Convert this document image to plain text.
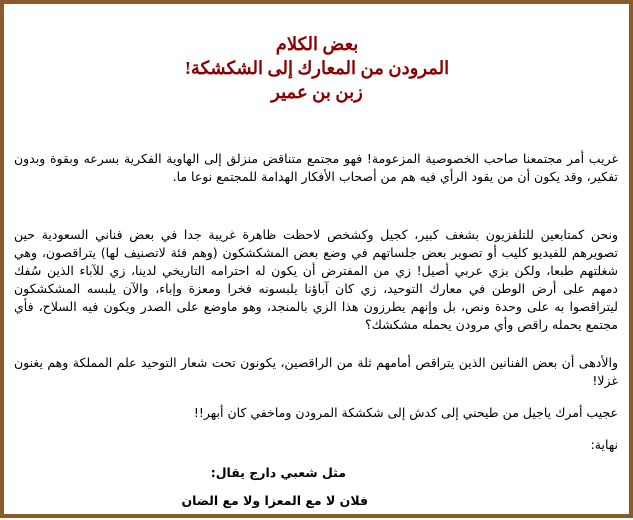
بعض الكلام
المرودن من المعارك إلى الشكشكة!
زبن بن عمير
غريب أمر مجتمعنا صاحب الخصوصية المزعومة! فهو مجتمع متناقض منزلق إلى الهاوية الفكرية بسرعه وبقوة وبدون تفكير، وقد يكون أن من يقود الرأي فيه هم من أصحاب الأفكار الهدامة للمجتمع نوعا ما.
ونحن كمتابعين للتلفزيون بشغف كبير، كجيل وكشخص لاحظت ظاهرة غريبة جدا في بعض فناني السعودية حين تصويرهم للفيديو كليب أو تصوير بعض جلساتهم في وضع بعض المشكشكون (وهم فئة لاتصنيف لها) يتراقصون، وهي شغلتهم طبعا، ولكن بزي عربي أصيل! زي من المفترض أن يكون له احترامه التاريخي لدينا، زي للآباء الذين سُفك دمهم على أرض الوطن في معارك التوحيد، زي كان آباؤنا يلبسونه فخرا ومعزة وإباء، والآن يلبسه المشكشكون ليتراقصوا به على وحدة ونص، بل وإنهم يطرزون هذا الزي بالمنجد، وهو ماوضع على الصدر ويكون فيه السلاح، فأي مجتمع يحمله راقص وأي مرودن يحمله مشكشك؟
والأدهى أن بعض الفنانين الذين يتراقص أمامهم ثلة من الراقصين، يكونون تحت شعار التوحيد علم المملكة وهم يغنون غزلا!
عجيب أمرك ياجيل من طيحني إلى كدش إلى شكشكة المرودن وماخفي كان أبهر!!
نهاية:
مثل شعبي دارج يقال:
فلان لا مع المعزا ولا مع الضان
